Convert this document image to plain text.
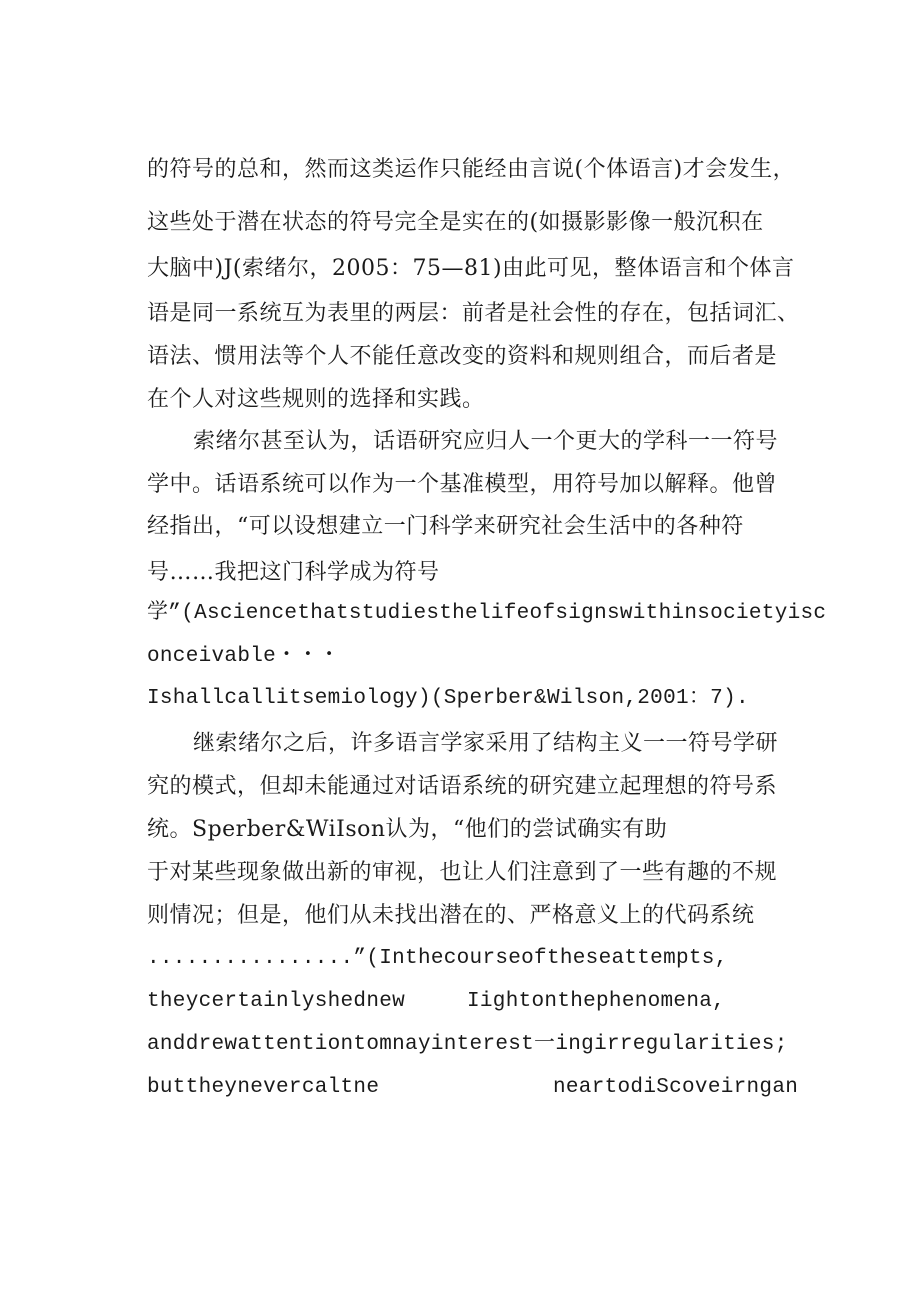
的符号的总和，然而这类运作只能经由言说(个体语言)才会发生，
这些处于潜在状态的符号完全是实在的(如摄影影像一般沉积在
大脑中)J(索绪尔，2005：75—81)由此可见，整体语言和个体言
语是同一系统互为表里的两层：前者是社会性的存在，包括词汇、
语法、惯用法等个人不能任意改变的资料和规则组合，而后者是
在个人对这些规则的选择和实践。
索绪尔甚至认为，话语研究应归人一个更大的学科一一符号
学中。话语系统可以作为一个基准模型，用符号加以解释。他曾
经指出，“可以设想建立一门科学来研究社会生活中的各种符
号……我把这门科学成为符号
学”(Asciencethatstudiesthelifeofsignswithinsocietyisc
onceivable・・・
Ishallcallitsemiology)(Sperber&Wilson,2001：7).
继索绪尔之后，许多语言学家采用了结构主义一一符号学研
究的模式，但却未能通过对话语系统的研究建立起理想的符号系
统。Sperber&WiIson认为，“他们的尝试确实有助
于对某些现象做出新的审视，也让人们注意到了一些有趣的不规
则情况；但是，他们从未找出潜在的、严格意义上的代码系统
................”(Inthecourseoftheseattempts,
theycertainlyshednew	Iightonthephenomena,
anddrewattentiontomnayinterest一ingirregularities;
buttheynevercaltne	neartodiScoveirngan
